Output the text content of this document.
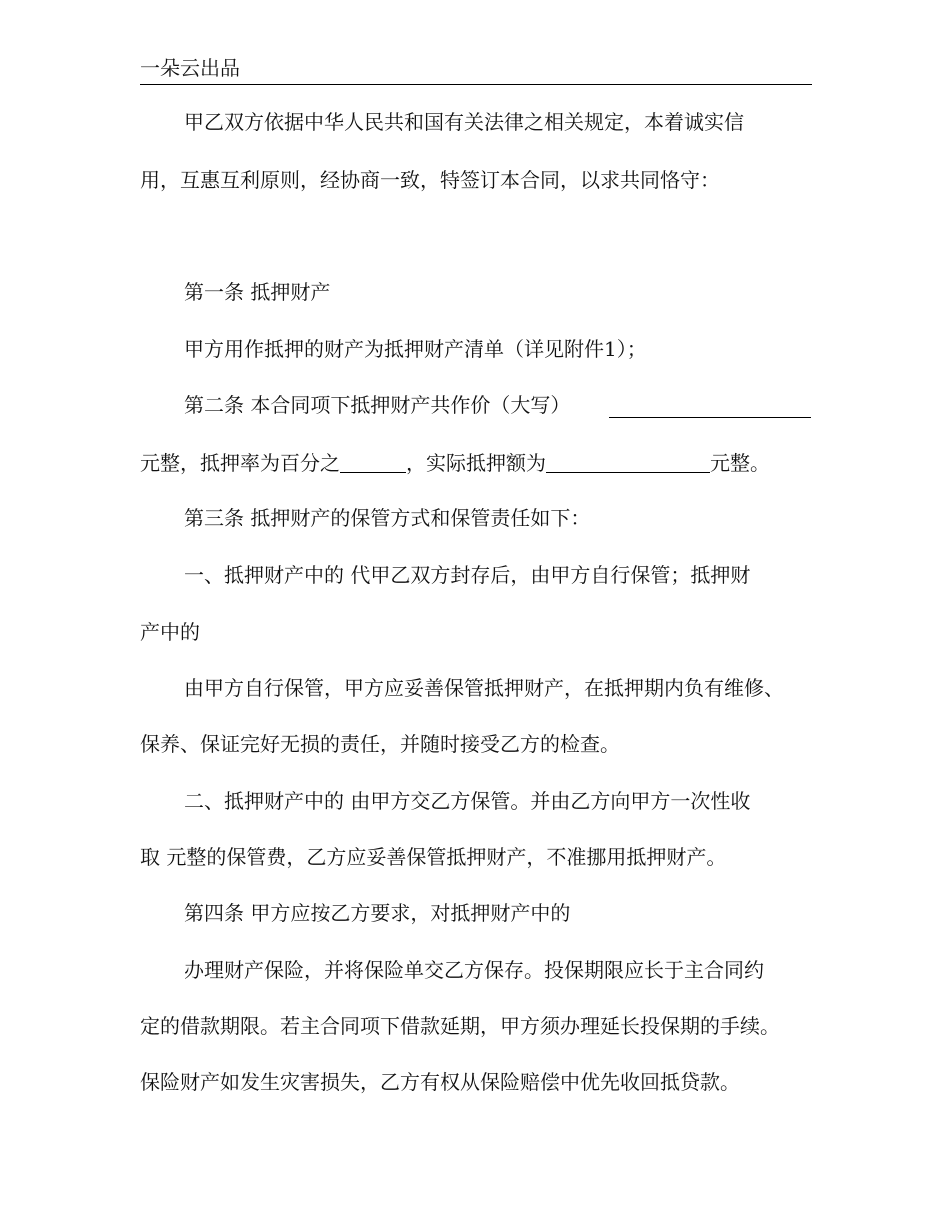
一朵云出品
甲乙双方依据中华人民共和国有关法律之相关规定，本着诚实信
用，互惠互利原则，经协商一致，特签订本合同，以求共同恪守：
第一条 抵押财产
甲方用作抵押的财产为抵押财产清单（详见附件1）；
第二条 本合同项下抵押财产共作价（大写）
元整，抵押率为百分之	，实际抵押额为	元整。
第三条 抵押财产的保管方式和保管责任如下：
一、抵押财产中的 代甲乙双方封存后，由甲方自行保管；抵押财
产中的
由甲方自行保管，甲方应妥善保管抵押财产，在抵押期内负有维修、
保养、保证完好无损的责任，并随时接受乙方的检查。
二、抵押财产中的 由甲方交乙方保管。并由乙方向甲方一次性收
取 元整的保管费，乙方应妥善保管抵押财产，不准挪用抵押财产。
第四条 甲方应按乙方要求，对抵押财产中的
办理财产保险，并将保险单交乙方保存。投保期限应长于主合同约
定的借款期限。若主合同项下借款延期，甲方须办理延长投保期的手续。
保险财产如发生灾害损失，乙方有权从保险赔偿中优先收回抵贷款。
